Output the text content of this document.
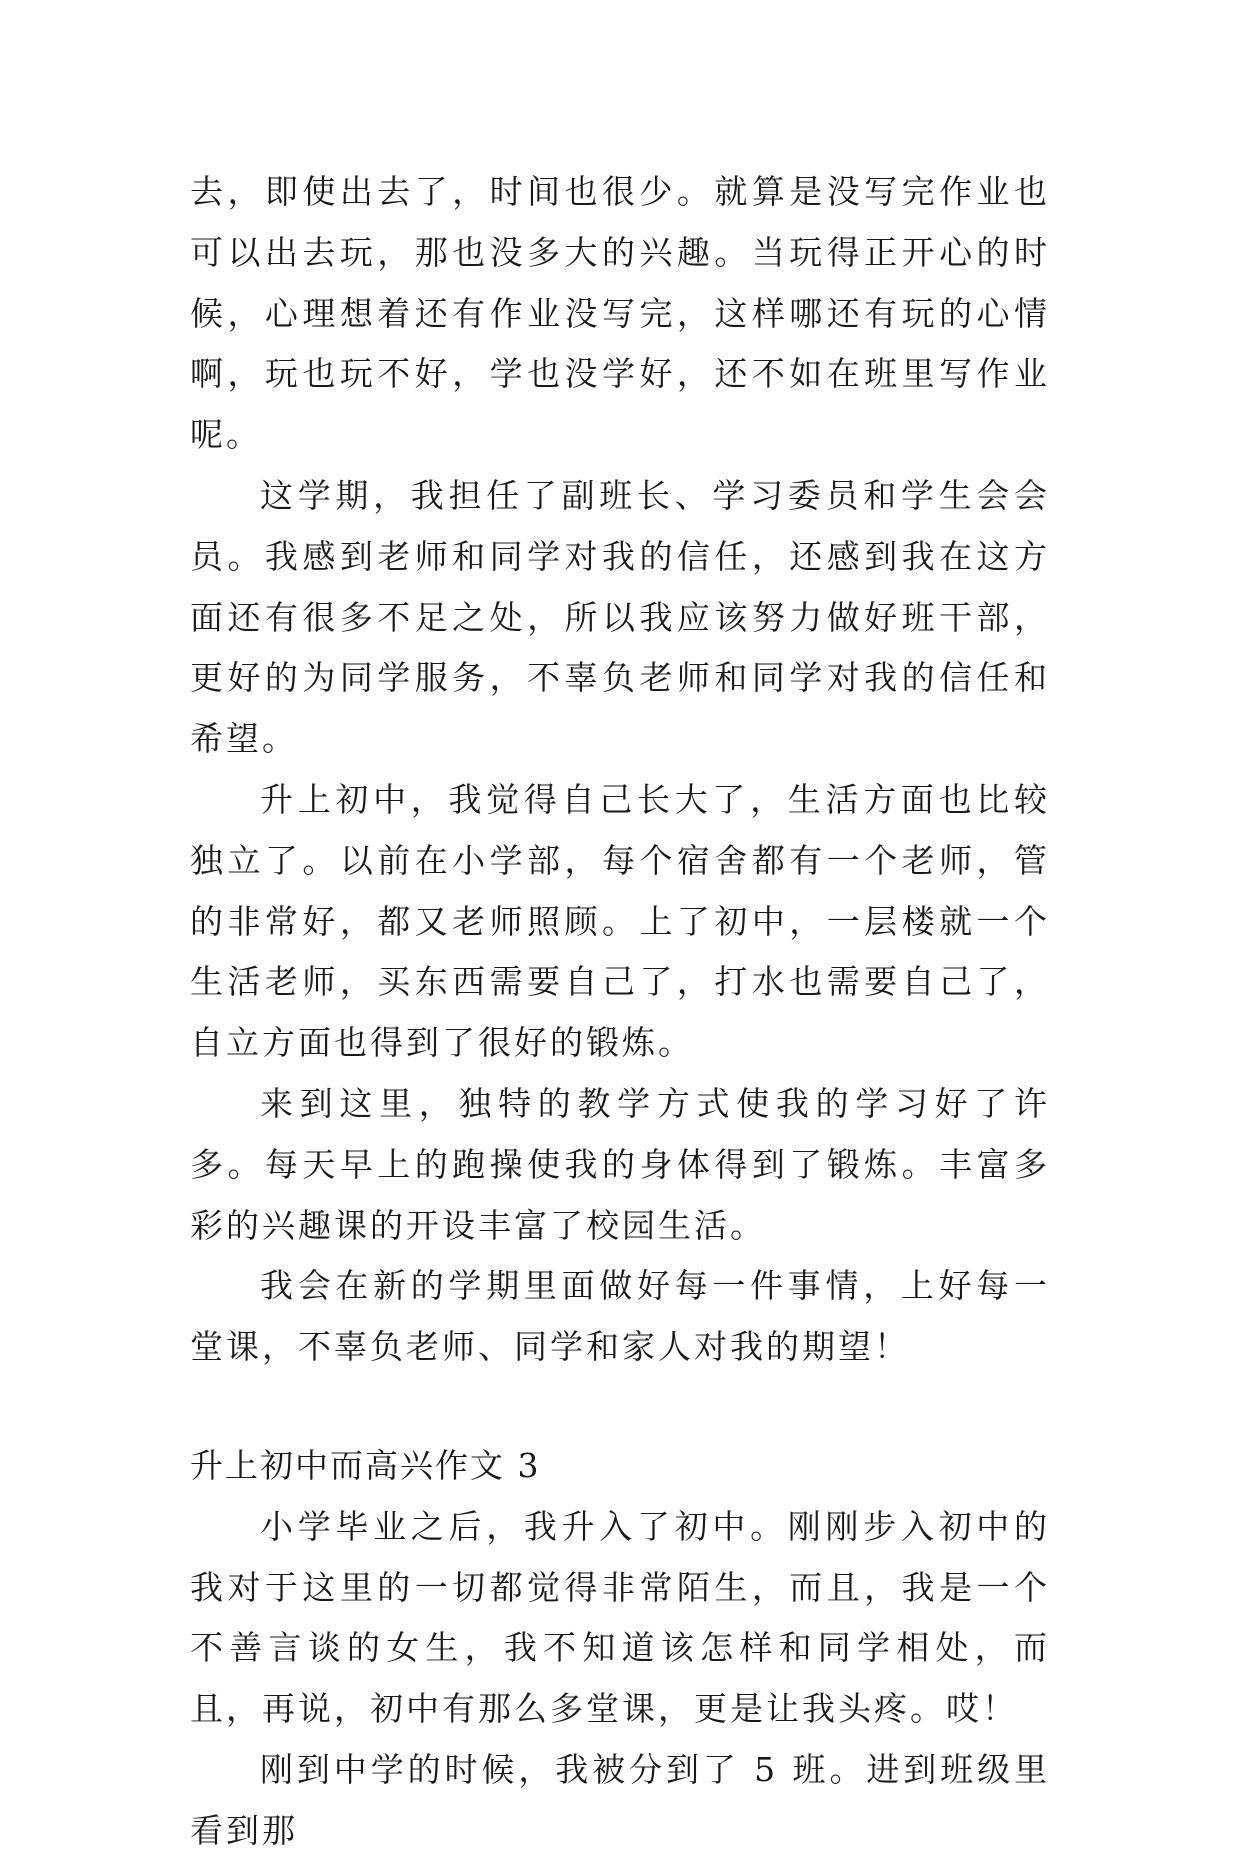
去，即使出去了，时间也很少。就算是没写完作业也可以出去玩，那也没多大的兴趣。当玩得正开心的时候，心理想着还有作业没写完，这样哪还有玩的心情啊，玩也玩不好，学也没学好，还不如在班里写作业呢。

这学期，我担任了副班长、学习委员和学生会会员。我感到老师和同学对我的信任，还感到我在这方面还有很多不足之处，所以我应该努力做好班干部，更好的为同学服务，不辜负老师和同学对我的信任和希望。

升上初中，我觉得自己长大了，生活方面也比较独立了。以前在小学部，每个宿舍都有一个老师，管的非常好，都又老师照顾。上了初中，一层楼就一个生活老师，买东西需要自己了，打水也需要自己了，自立方面也得到了很好的锻炼。

来到这里，独特的教学方式使我的学习好了许多。每天早上的跑操使我的身体得到了锻炼。丰富多彩的兴趣课的开设丰富了校园生活。

我会在新的学期里面做好每一件事情，上好每一堂课，不辜负老师、同学和家人对我的期望！

升上初中而高兴作文 3

小学毕业之后，我升入了初中。刚刚步入初中的我对于这里的一切都觉得非常陌生，而且，我是一个不善言谈的女生，我不知道该怎样和同学相处，而且，再说，初中有那么多堂课，更是让我头疼。哎！

刚到中学的时候，我被分到了 5 班。进到班级里看到那
